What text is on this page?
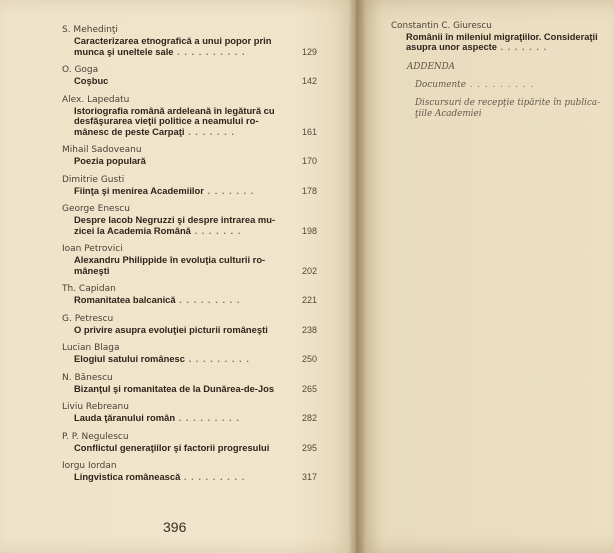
S. Mehedinţi
Caracterizarea etnografică a unui popor prin
munca şi uneltele sale . . . . . . . . . .	129
O. Goga
Coşbuc	142
Alex. Lapedatu
Istoriografia română ardeleană în legătură cu
desfăşurarea vieţii politice a neamului ro-
mânesc de peste Carpaţi . . . . . . .	161
Mihail Sadoveanu
Poezia populară	170
Dimitrie Gusti
Fiinţa şi menirea Academiilor . . . . . . .	178
George Enescu
Despre Iacob Negruzzi şi despre intrarea mu-
zicei la Academia Română . . . . . . .	198
Ioan Petrovici
Alexandru Philippide în evoluţia culturii ro-
mâneşti	202
Th. Capidan
Romanitatea balcanică . . . . . . . . .	221
G. Petrescu
O privire asupra evoluţiei picturii româneşti	238
Lucian Blaga
Elogiul satului românesc . . . . . . . . .	250
N. Bănescu
Bizanţul şi romanitatea de la Dunărea-de-Jos	265
Liviu Rebreanu
Lauda ţăranului român . . . . . . . . .	282
P. P. Negulescu
Conflictul generaţiilor şi factorii progresului	295
Iorgu Iordan
Lingvistica românească . . . . . . . . .	317
396
Constantin C. Giurescu
Românii în mileniul migraţiilor. Consideraţii
asupra unor aspecte . . . . . . .
ADDENDA
Documente . . . . . . . . .
Discursuri de recepţie tipărite în publica-
ţiile Academiei
